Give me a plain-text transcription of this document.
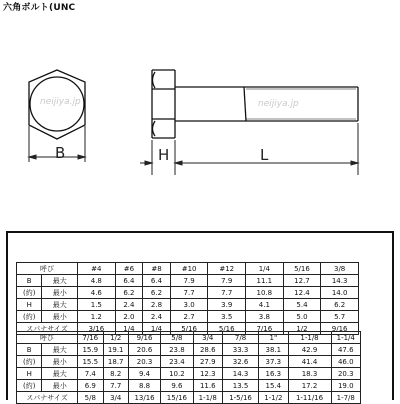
六角ボルト(UNC
B	H	L
neijiya.jp	neijiya.jp
呼び		#4	#6	#8	#10	#12	1/4	5/16	3/8
B	最大	4.8	6.4	6.4	7.9	7.9	11.1	12.7	14.3
(約)	最小	4.6	6.2	6.2	7.7	7.7	10.8	12.4	14.0
H	最大	1.5	2.4	2.8	3.0	3.9	4.1	5.4	6.2
(約)	最小	1.2	2.0	2.4	2.7	3.5	3.8	5.0	5.7
スパナサイズ		3/16	1/4	1/4	5/16	5/16	7/16	1/2	9/16
呼び		7/16	1/2	9/16	5/8	3/4	7/8	1"	1-1/8	1-1/4
B	最大	15.9	19.1	20.6	23.8	28.6	33.3	38.1	42.9	47.6
(約)	最小	15.5	18.7	20.3	23.4	27.9	32.6	37.3	41.4	46.0
H	最大	7.4	8.2	9.4	10.2	12.3	14.3	16.3	18.3	20.3
(約)	最小	6.9	7.7	8.8	9.6	11.6	13.5	15.4	17.2	19.0
スパナサイズ		5/8	3/4	13/16	15/16	1-1/8	1-5/16	1-1/2	1-11/16	1-7/8
